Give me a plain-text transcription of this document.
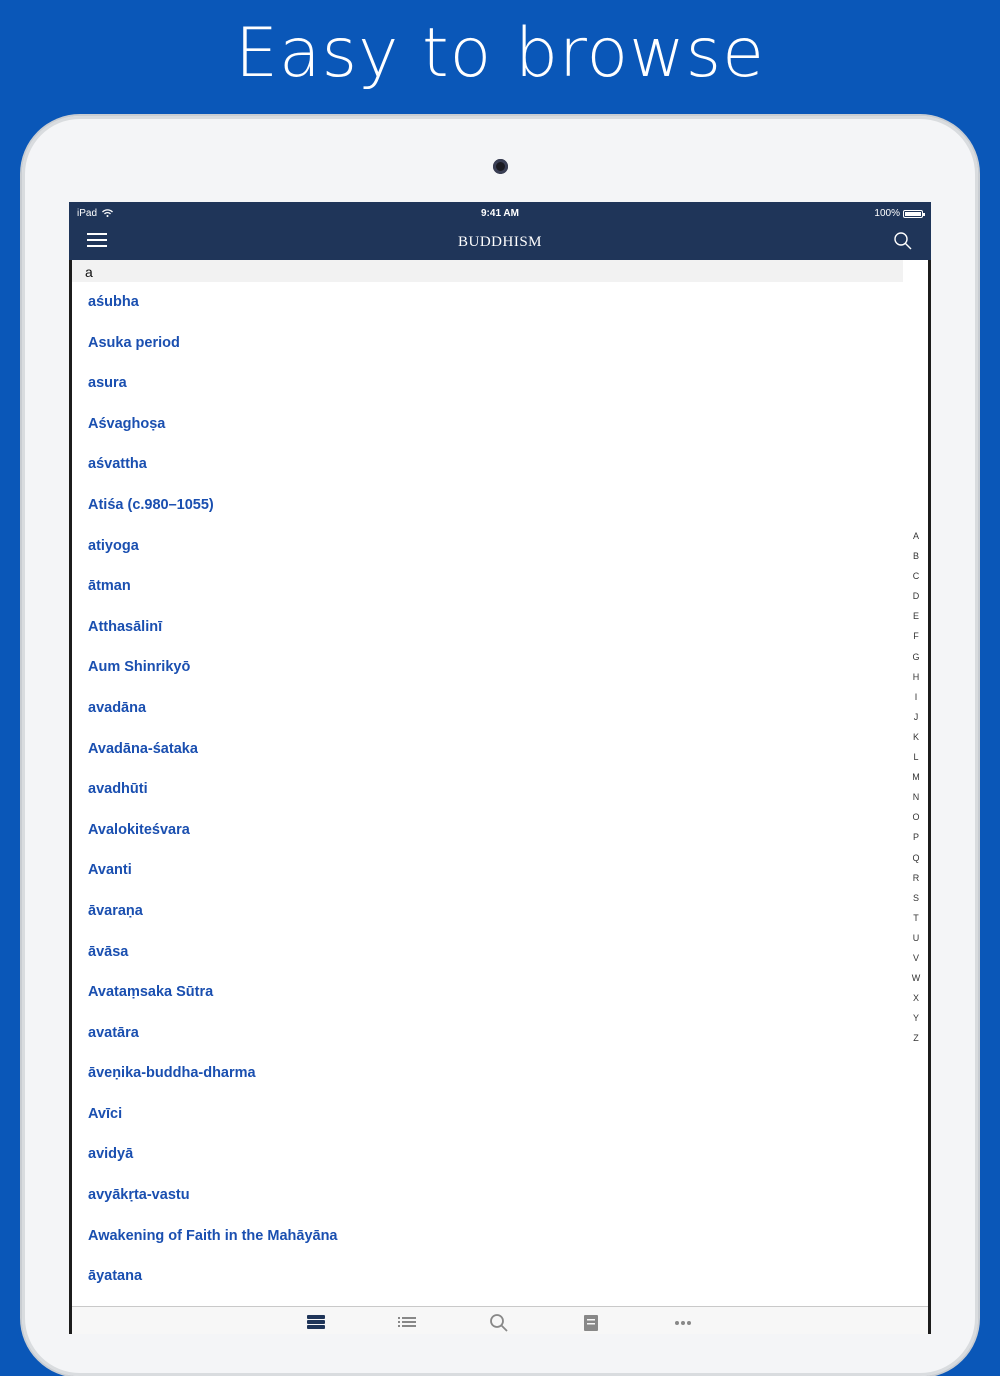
Easy to browse
iPad	9:41 AM	100%
BUDDHISM
a
aśubha
Asuka period
asura
Aśvaghoṣa
aśvattha
Atiśa (c.980–1055)
atiyoga
ātman
Atthasālinī
Aum Shinrikyō
avadāna
Avadāna-śataka
avadhūti
Avalokiteśvara
Avanti
āvaraṇa
āvāsa
Avataṃsaka Sūtra
avatāra
āveṇika-buddha-dharma
Avīci
avidyā
avyākṛta-vastu
Awakening of Faith in the Mahāyāna
āyatana
A
B
C
D
E
F
G
H
I
J
K
L
M
N
O
P
Q
R
S
T
U
V
W
X
Y
Z
